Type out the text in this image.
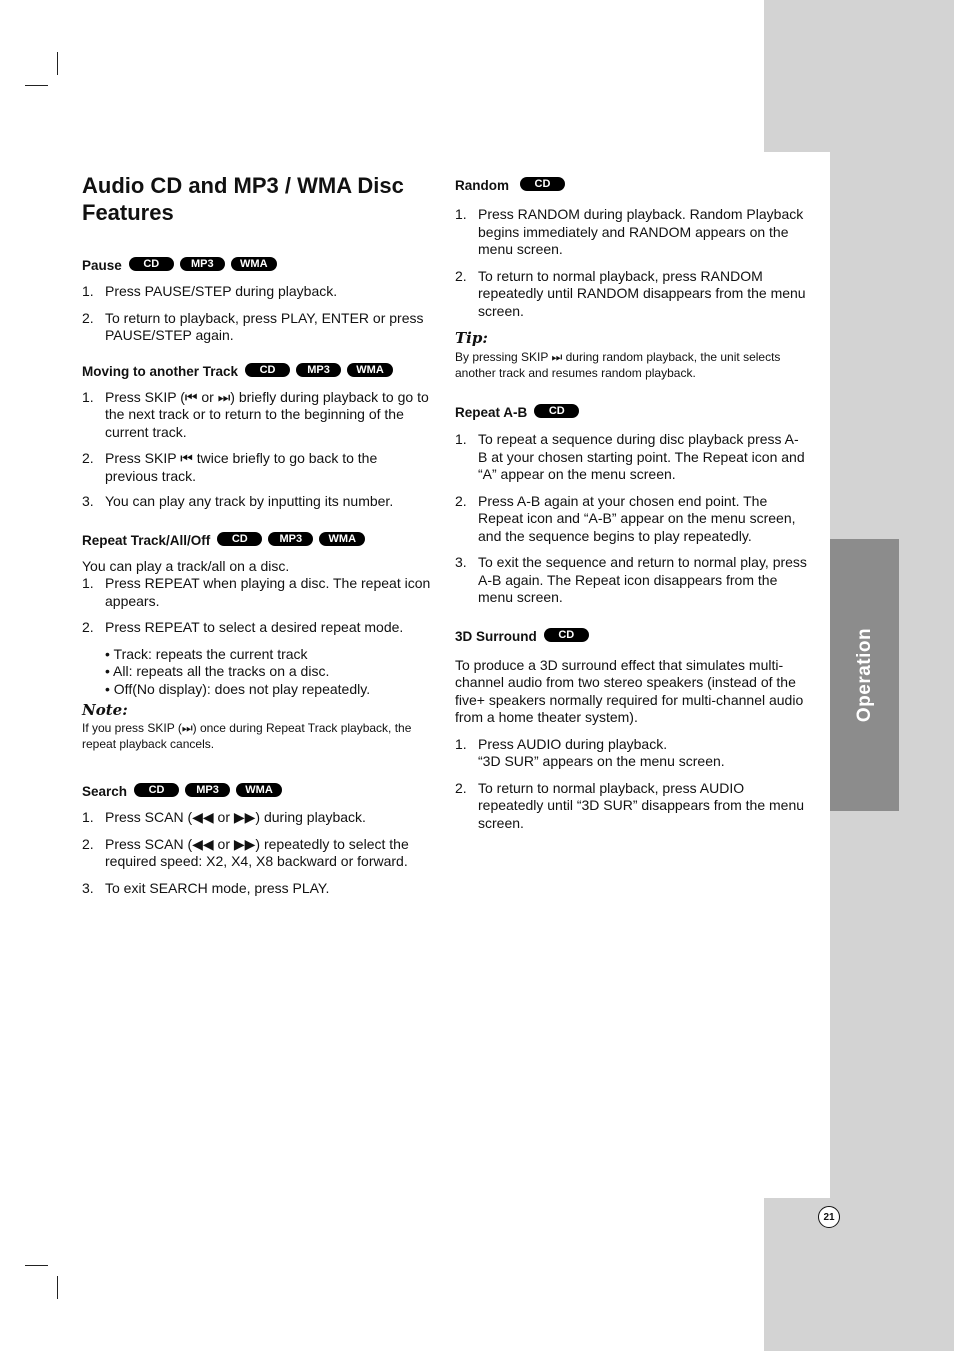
Operation
21
Audio CD and MP3 / WMA Disc Features
Pause	CD	MP3	WMA
1. Press PAUSE/STEP during playback.
2. To return to playback, press PLAY, ENTER or press PAUSE/STEP again.
Moving to another Track	CD	MP3	WMA
1. Press SKIP (⏮ or ⏭) briefly during playback to go to the next track or to return to the beginning of the current track.
2. Press SKIP ⏮ twice briefly to go back to the previous track.
3. You can play any track by inputting its number.
Repeat Track/All/Off	CD	MP3	WMA
You can play a track/all on a disc.
1. Press REPEAT when playing a disc. The repeat icon appears.
2. Press REPEAT to select a desired repeat mode.
• Track: repeats the current track
• All: repeats all the tracks on a disc.
• Off(No display): does not play repeatedly.
Note:
If you press SKIP (⏭) once during Repeat Track playback, the repeat playback cancels.
Search	CD	MP3	WMA
1. Press SCAN (◀◀ or ▶▶) during playback.
2. Press SCAN (◀◀ or ▶▶) repeatedly to select the required speed: X2, X4, X8 backward or forward.
3. To exit SEARCH mode, press PLAY.
Random	CD
1. Press RANDOM during playback. Random Playback begins immediately and RANDOM appears on the menu screen.
2. To return to normal playback, press RANDOM repeatedly until RANDOM disappears from the menu screen.
Tip:
By pressing SKIP ⏭ during random playback, the unit selects another track and resumes random playback.
Repeat A-B	CD
1. To repeat a sequence during disc playback press A-B at your chosen starting point. The Repeat icon and “A” appear on the menu screen.
2. Press A-B again at your chosen end point. The Repeat icon and “A-B” appear on the menu screen, and the sequence begins to play repeatedly.
3. To exit the sequence and return to normal play, press A-B again. The Repeat icon disappears from the menu screen.
3D Surround	CD
To produce a 3D surround effect that simulates multi-channel audio from two stereo speakers (instead of the five+ speakers normally required for multi-channel audio from a home theater system).
1. Press AUDIO during playback.
“3D SUR” appears on the menu screen.
2. To return to normal playback, press AUDIO repeatedly until “3D SUR” disappears from the menu screen.
